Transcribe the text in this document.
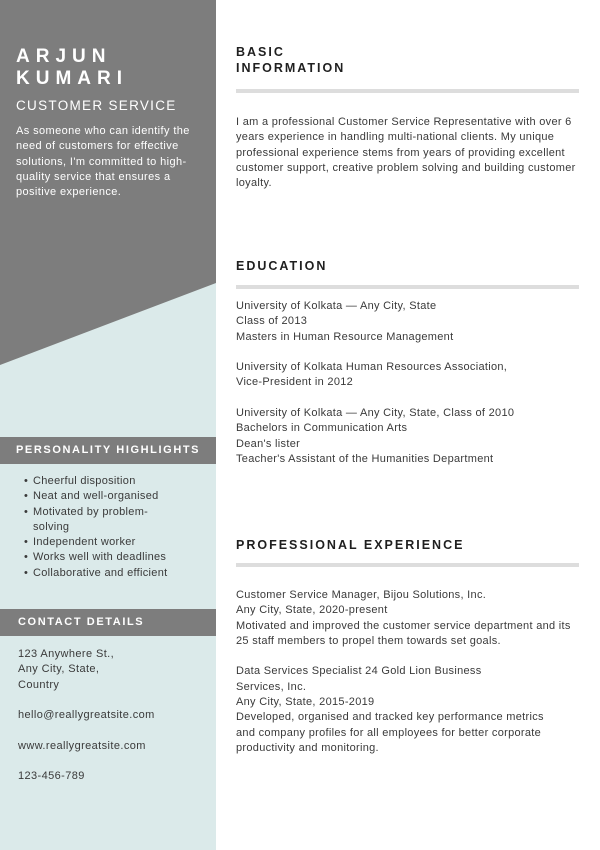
ARJUN
KUMARI
CUSTOMER SERVICE
As someone who can identify the need of customers for effective solutions, I'm committed to high-quality service that ensures a positive experience.
PERSONALITY HIGHLIGHTS
• Cheerful disposition
• Neat and well-organised
• Motivated by problem-solving
• Independent worker
• Works well with deadlines
• Collaborative and efficient
CONTACT DETAILS
123 Anywhere St.,
Any City, State,
Country
hello@reallygreatsite.com
www.reallygreatsite.com
123-456-789
BASIC
INFORMATION
I am a professional Customer Service Representative with over 6 years experience in handling multi-national clients. My unique professional experience stems from years of providing excellent customer support, creative problem solving and building customer loyalty.
EDUCATION
University of Kolkata — Any City, State
Class of 2013
Masters in Human Resource Management
University of Kolkata Human Resources Association,
Vice-President in 2012
University of Kolkata — Any City, State, Class of 2010
Bachelors in Communication Arts
Dean's lister
Teacher's Assistant of the Humanities Department
PROFESSIONAL EXPERIENCE
Customer Service Manager, Bijou Solutions, Inc.
Any City, State, 2020-present
Motivated and improved the customer service department and its 25 staff members to propel them towards set goals.
Data Services Specialist 24 Gold Lion Business Services, Inc.
Any City, State, 2015-2019
Developed, organised and tracked key performance metrics and company profiles for all employees for better corporate productivity and monitoring.
